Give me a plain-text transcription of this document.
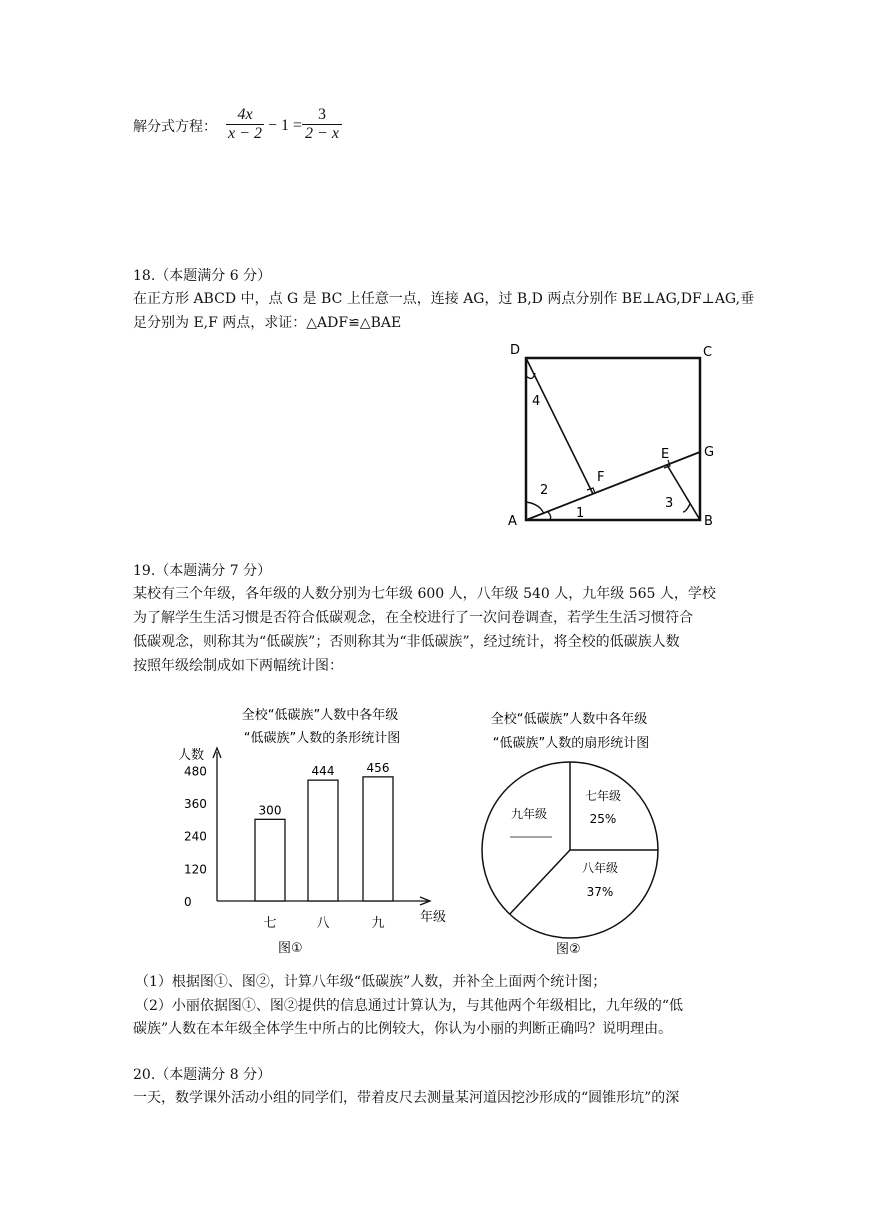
解分式方程： $\frac{4x}{x - 2} - 1 = \frac{3}{2 - x}$
18.（本题满分 6 分）
在正方形 ABCD 中，点 G 是 BC 上任意一点，连接 AG，过 B,D 两点分别作 BE⊥AG,DF⊥AG,垂
足分别为 E,F 两点，求证：△ADF≌△BAE
D	C
A	B
G
E
F
1
2
3
4
19.（本题满分 7 分）
某校有三个年级，各年级的人数分别为七年级 600 人，八年级 540 人，九年级 565 人，学校
为了解学生生活习惯是否符合低碳观念，在全校进行了一次问卷调查，若学生生活习惯符合
低碳观念，则称其为“低碳族”；否则称其为“非低碳族”，经过统计，将全校的低碳族人数
按照年级绘制成如下两幅统计图：
全校“低碳族”人数中各年级
“低碳族”人数的条形统计图
人数
年级
图①
0
120
240
360
480
300
七
444
八
456
九
全校“低碳族”人数中各年级
“低碳族”人数的扇形统计图
七年级
25%
八年级
37%
九年级
图②
（1）根据图①、图②，计算八年级“低碳族”人数，并补全上面两个统计图；
（2）小丽依据图①、图②提供的信息通过计算认为，与其他两个年级相比，九年级的“低
碳族”人数在本年级全体学生中所占的比例较大，你认为小丽的判断正确吗？说明理由。
20.（本题满分 8 分）
一天，数学课外活动小组的同学们，带着皮尺去测量某河道因挖沙形成的“圆锥形坑”的深
